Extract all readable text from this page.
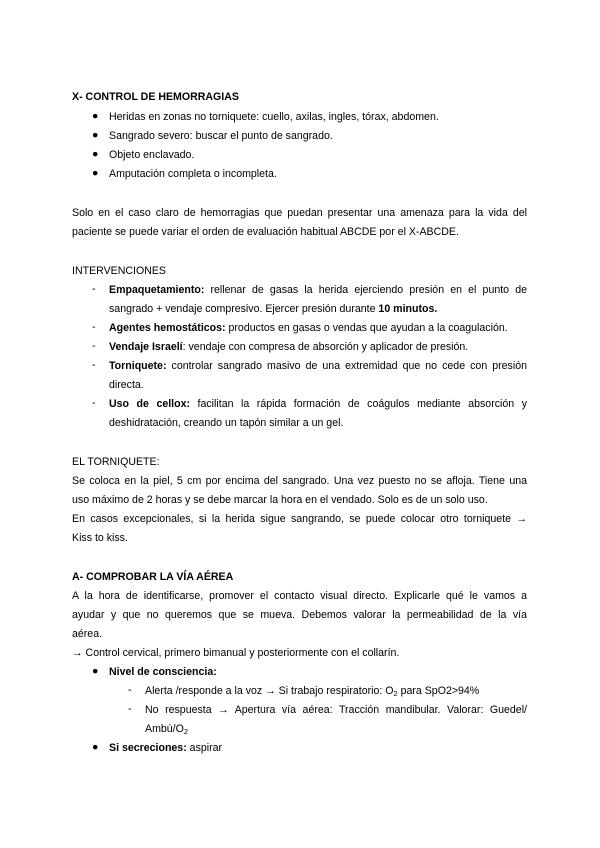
X- CONTROL DE HEMORRAGIAS
● Heridas en zonas no torniquete: cuello, axilas, ingles, tórax, abdomen.
● Sangrado severo: buscar el punto de sangrado.
● Objeto enclavado.
● Amputación completa o incompleta.
Solo en el caso claro de hemorragias que puedan presentar una amenaza para la vida del
paciente se puede variar el orden de evaluación habitual ABCDE por el X-ABCDE.
INTERVENCIONES
- Empaquetamiento: rellenar de gasas la herida ejerciendo presión en el punto de
sangrado + vendaje compresivo. Ejercer presión durante 10 minutos.
- Agentes hemostáticos: productos en gasas o vendas que ayudan a la coagulación.
- Vendaje Israelí: vendaje con compresa de absorción y aplicador de presión.
- Torniquete: controlar sangrado masivo de una extremidad que no cede con presión
directa.
- Uso de cellox: facilitan la rápida formación de coágulos mediante absorción y
deshidratación, creando un tapón similar a un gel.
EL TORNIQUETE:
Se coloca en la piel, 5 cm por encima del sangrado. Una vez puesto no se afloja. Tiene una
uso máximo de 2 horas y se debe marcar la hora en el vendado. Solo es de un solo uso.
En casos excepcionales, si la herida sigue sangrando, se puede colocar otro torniquete →
Kiss to kiss.
A- COMPROBAR LA VÍA AÉREA
A la hora de identificarse, promover el contacto visual directo. Explicarle qué le vamos a
ayudar y que no queremos que se mueva. Debemos valorar la permeabilidad de la vía
aérea.
→ Control cervical, primero bimanual y posteriormente con el collarín.
● Nivel de consciencia:
- Alerta /responde a la voz → Si trabajo respiratorio: $O_2$ para SpO2>94%
- No respuesta → Apertura vía aérea: Tracción mandibular. Valorar: Guedel/
Ambú/$O_2$
● Si secreciones: aspirar
